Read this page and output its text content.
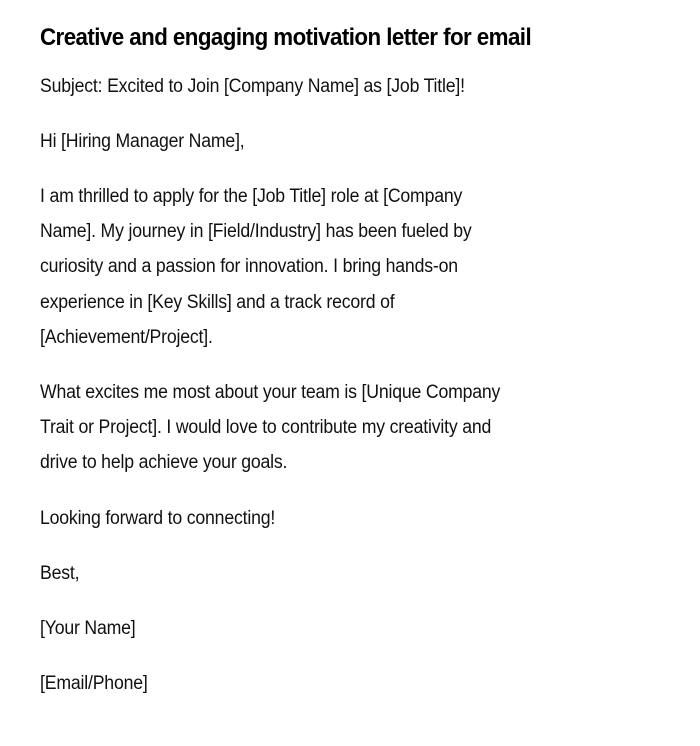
Creative and engaging motivation letter for email

Subject: Excited to Join [Company Name] as [Job Title]!

Hi [Hiring Manager Name],

I am thrilled to apply for the [Job Title] role at [Company
Name]. My journey in [Field/Industry] has been fueled by
curiosity and a passion for innovation. I bring hands-on
experience in [Key Skills] and a track record of
[Achievement/Project].

What excites me most about your team is [Unique Company
Trait or Project]. I would love to contribute my creativity and
drive to help achieve your goals.

Looking forward to connecting!

Best,

[Your Name]

[Email/Phone]
